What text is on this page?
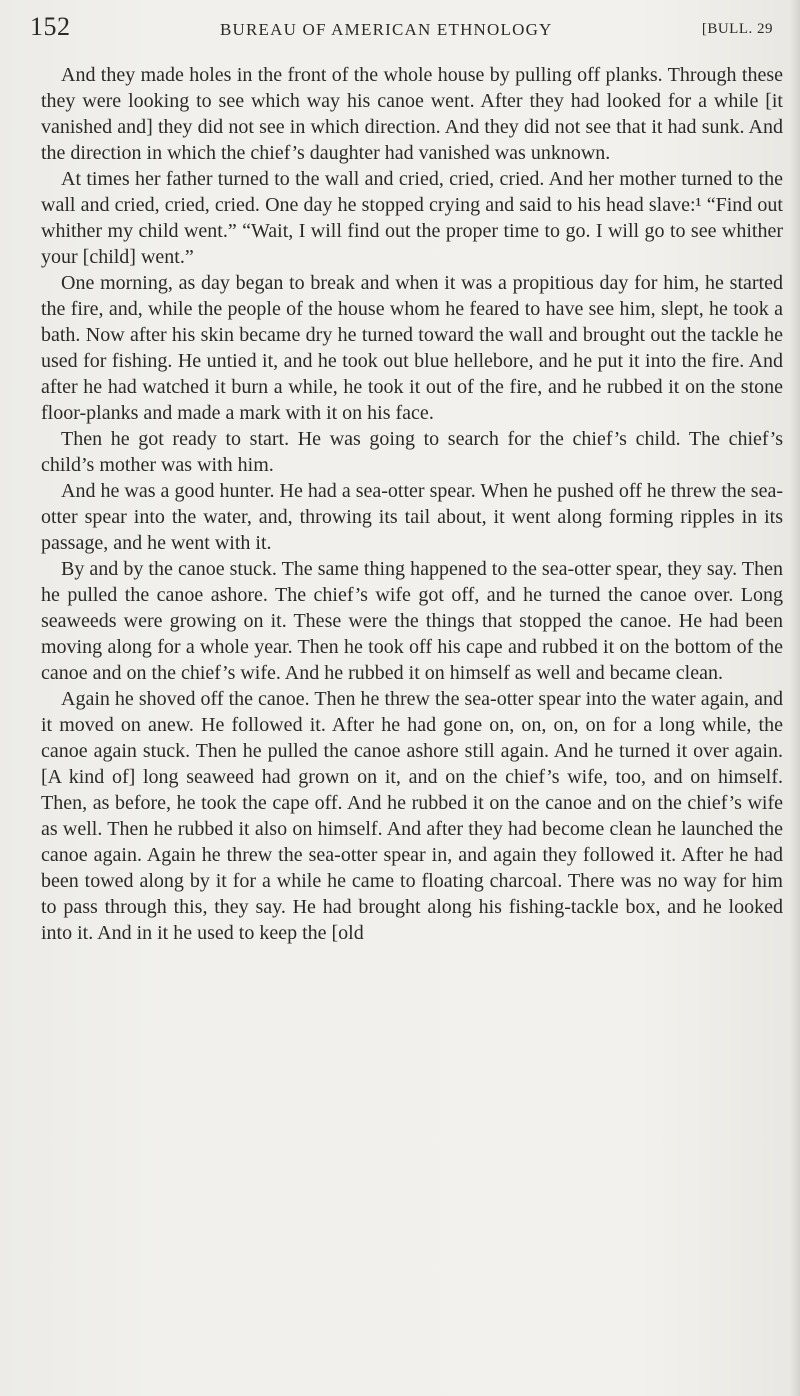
152	BUREAU OF AMERICAN ETHNOLOGY	[BULL. 29

And they made holes in the front of the whole house by pulling off planks. Through these they were looking to see which way his canoe went. After they had looked for a while [it vanished and] they did not see in which direction. And they did not see that it had sunk. And the direction in which the chief’s daughter had vanished was unknown.

At times her father turned to the wall and cried, cried, cried. And her mother turned to the wall and cried, cried, cried. One day he stopped crying and said to his head slave:¹ “Find out whither my child went.” “Wait, I will find out the proper time to go. I will go to see whither your [child] went.”

One morning, as day began to break and when it was a propitious day for him, he started the fire, and, while the people of the house whom he feared to have see him, slept, he took a bath. Now after his skin became dry he turned toward the wall and brought out the tackle he used for fishing. He untied it, and he took out blue hellebore, and he put it into the fire. And after he had watched it burn a while, he took it out of the fire, and he rubbed it on the stone floor-planks and made a mark with it on his face.

Then he got ready to start. He was going to search for the chief’s child. The chief’s child’s mother was with him.

And he was a good hunter. He had a sea-otter spear. When he pushed off he threw the sea-otter spear into the water, and, throwing its tail about, it went along forming ripples in its passage, and he went with it.

By and by the canoe stuck. The same thing happened to the sea-otter spear, they say. Then he pulled the canoe ashore. The chief’s wife got off, and he turned the canoe over. Long seaweeds were growing on it. These were the things that stopped the canoe. He had been moving along for a whole year. Then he took off his cape and rubbed it on the bottom of the canoe and on the chief’s wife. And he rubbed it on himself as well and became clean.

Again he shoved off the canoe. Then he threw the sea-otter spear into the water again, and it moved on anew. He followed it. After he had gone on, on, on, on for a long while, the canoe again stuck. Then he pulled the canoe ashore still again. And he turned it over again. [A kind of] long seaweed had grown on it, and on the chief’s wife, too, and on himself. Then, as before, he took the cape off. And he rubbed it on the canoe and on the chief’s wife as well. Then he rubbed it also on himself. And after they had become clean he launched the canoe again. Again he threw the sea-otter spear in, and again they followed it. After he had been towed along by it for a while he came to floating charcoal. There was no way for him to pass through this, they say. He had brought along his fishing-tackle box, and he looked into it. And in it he used to keep the [old
